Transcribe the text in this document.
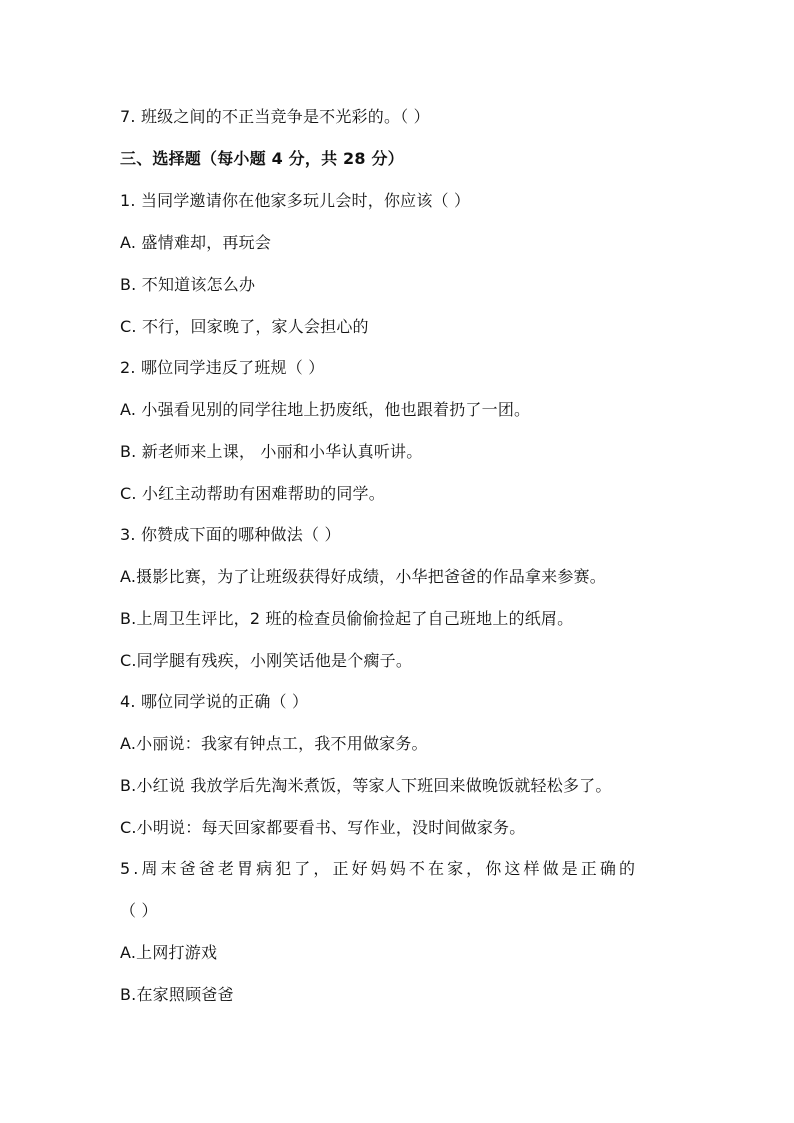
7. 班级之间的不正当竞争是不光彩的。（ ）
三、选择题（每小题 4 分，共 28 分）
1. 当同学邀请你在他家多玩儿会时，你应该（ ）
A. 盛情难却，再玩会
B. 不知道该怎么办
C. 不行，回家晚了，家人会担心的
2. 哪位同学违反了班规（ ）
A. 小强看见别的同学往地上扔废纸，他也跟着扔了一团。
B. 新老师来上课， 小丽和小华认真听讲。
C. 小红主动帮助有困难帮助的同学。
3. 你赞成下面的哪种做法（ ）
A.摄影比赛，为了让班级获得好成绩，小华把爸爸的作品拿来参赛。
B.上周卫生评比，2 班的检查员偷偷捡起了自己班地上的纸屑。
C.同学腿有残疾，小刚笑话他是个瘸子。
4. 哪位同学说的正确（ ）
A.小丽说：我家有钟点工，我不用做家务。
B.小红说 我放学后先淘米煮饭，等家人下班回来做晚饭就轻松多了。
C.小明说：每天回家都要看书、写作业，没时间做家务。
5.周末爸爸老胃病犯了，正好妈妈不在家，你这样做是正确的
（ ）
A.上网打游戏
B.在家照顾爸爸
